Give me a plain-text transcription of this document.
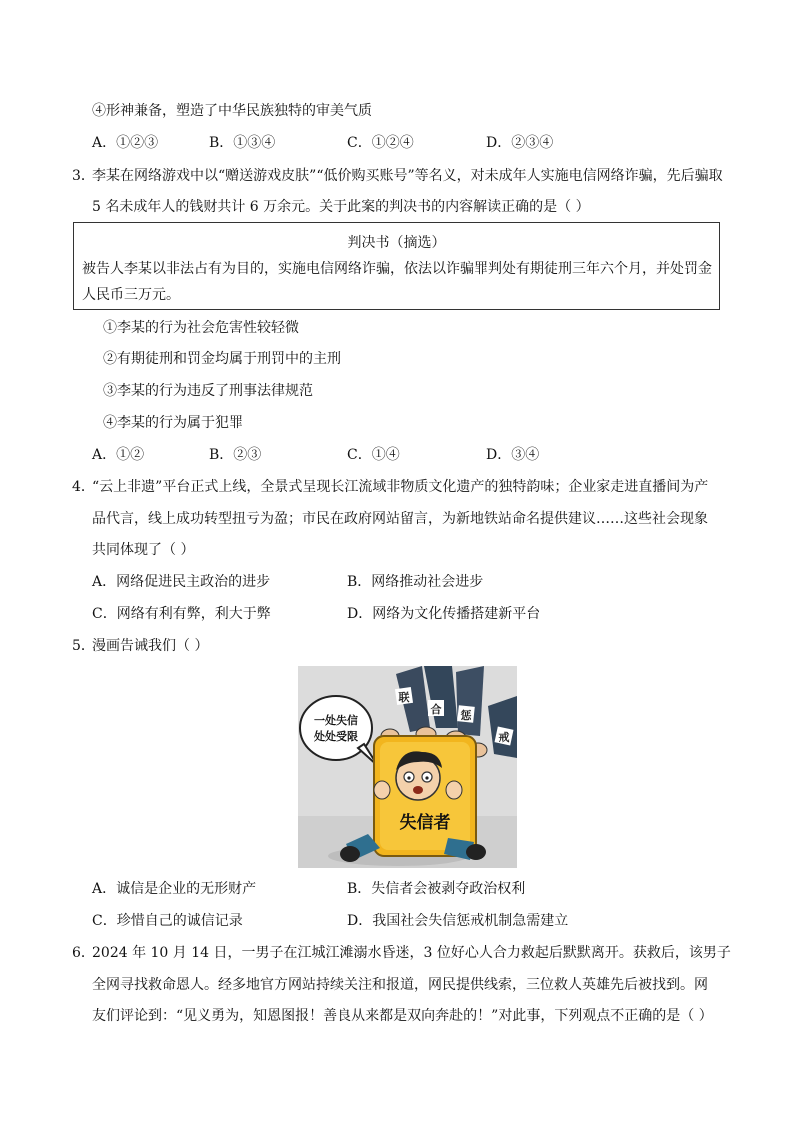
④形神兼备，塑造了中华民族独特的审美气质
A．①②③	B．①③④	C．①②④	D．②③④
3．
李某在网络游戏中以“赠送游戏皮肤”“低价购买账号”等名义，对未成年人实施电信网络诈骗，先后骗取
5 名未成年人的钱财共计 6 万余元。关于此案的判决书的内容解读正确的是（ ）
判决书（摘选）
被告人李某以非法占有为目的，实施电信网络诈骗，依法以诈骗罪判处有期徒刑三年六个月，并处罚金
人民币三万元。
①李某的行为社会危害性较轻微
②有期徒刑和罚金均属于刑罚中的主刑
③李某的行为违反了刑事法律规范
④李某的行为属于犯罪
A．①②	B．②③	C．①④	D．③④
4．
“云上非遗”平台正式上线，全景式呈现长江流域非物质文化遗产的独特韵味；企业家走进直播间为产
品代言，线上成功转型扭亏为盈；市民在政府网站留言，为新地铁站命名提供建议……这些社会现象
共同体现了（ ）
A．网络促进民主政治的进步	B．网络推动社会进步
C．网络有利有弊，利大于弊	D．网络为文化传播搭建新平台
5．
漫画告诫我们（ ）
一处失信
处处受限
联
合 惩
戒
失信者
A．诚信是企业的无形财产	B．失信者会被剥夺政治权利
C．珍惜自己的诚信记录	D．我国社会失信惩戒机制急需建立
6．
2024 年 10 月 14 日，一男子在江城江滩溺水昏迷，3 位好心人合力救起后默默离开。获救后，该男子
全网寻找救命恩人。经多地官方网站持续关注和报道，网民提供线索，三位救人英雄先后被找到。网
友们评论到：“见义勇为，知恩图报！善良从来都是双向奔赴的！”对此事，下列观点不正确的是（ ）
